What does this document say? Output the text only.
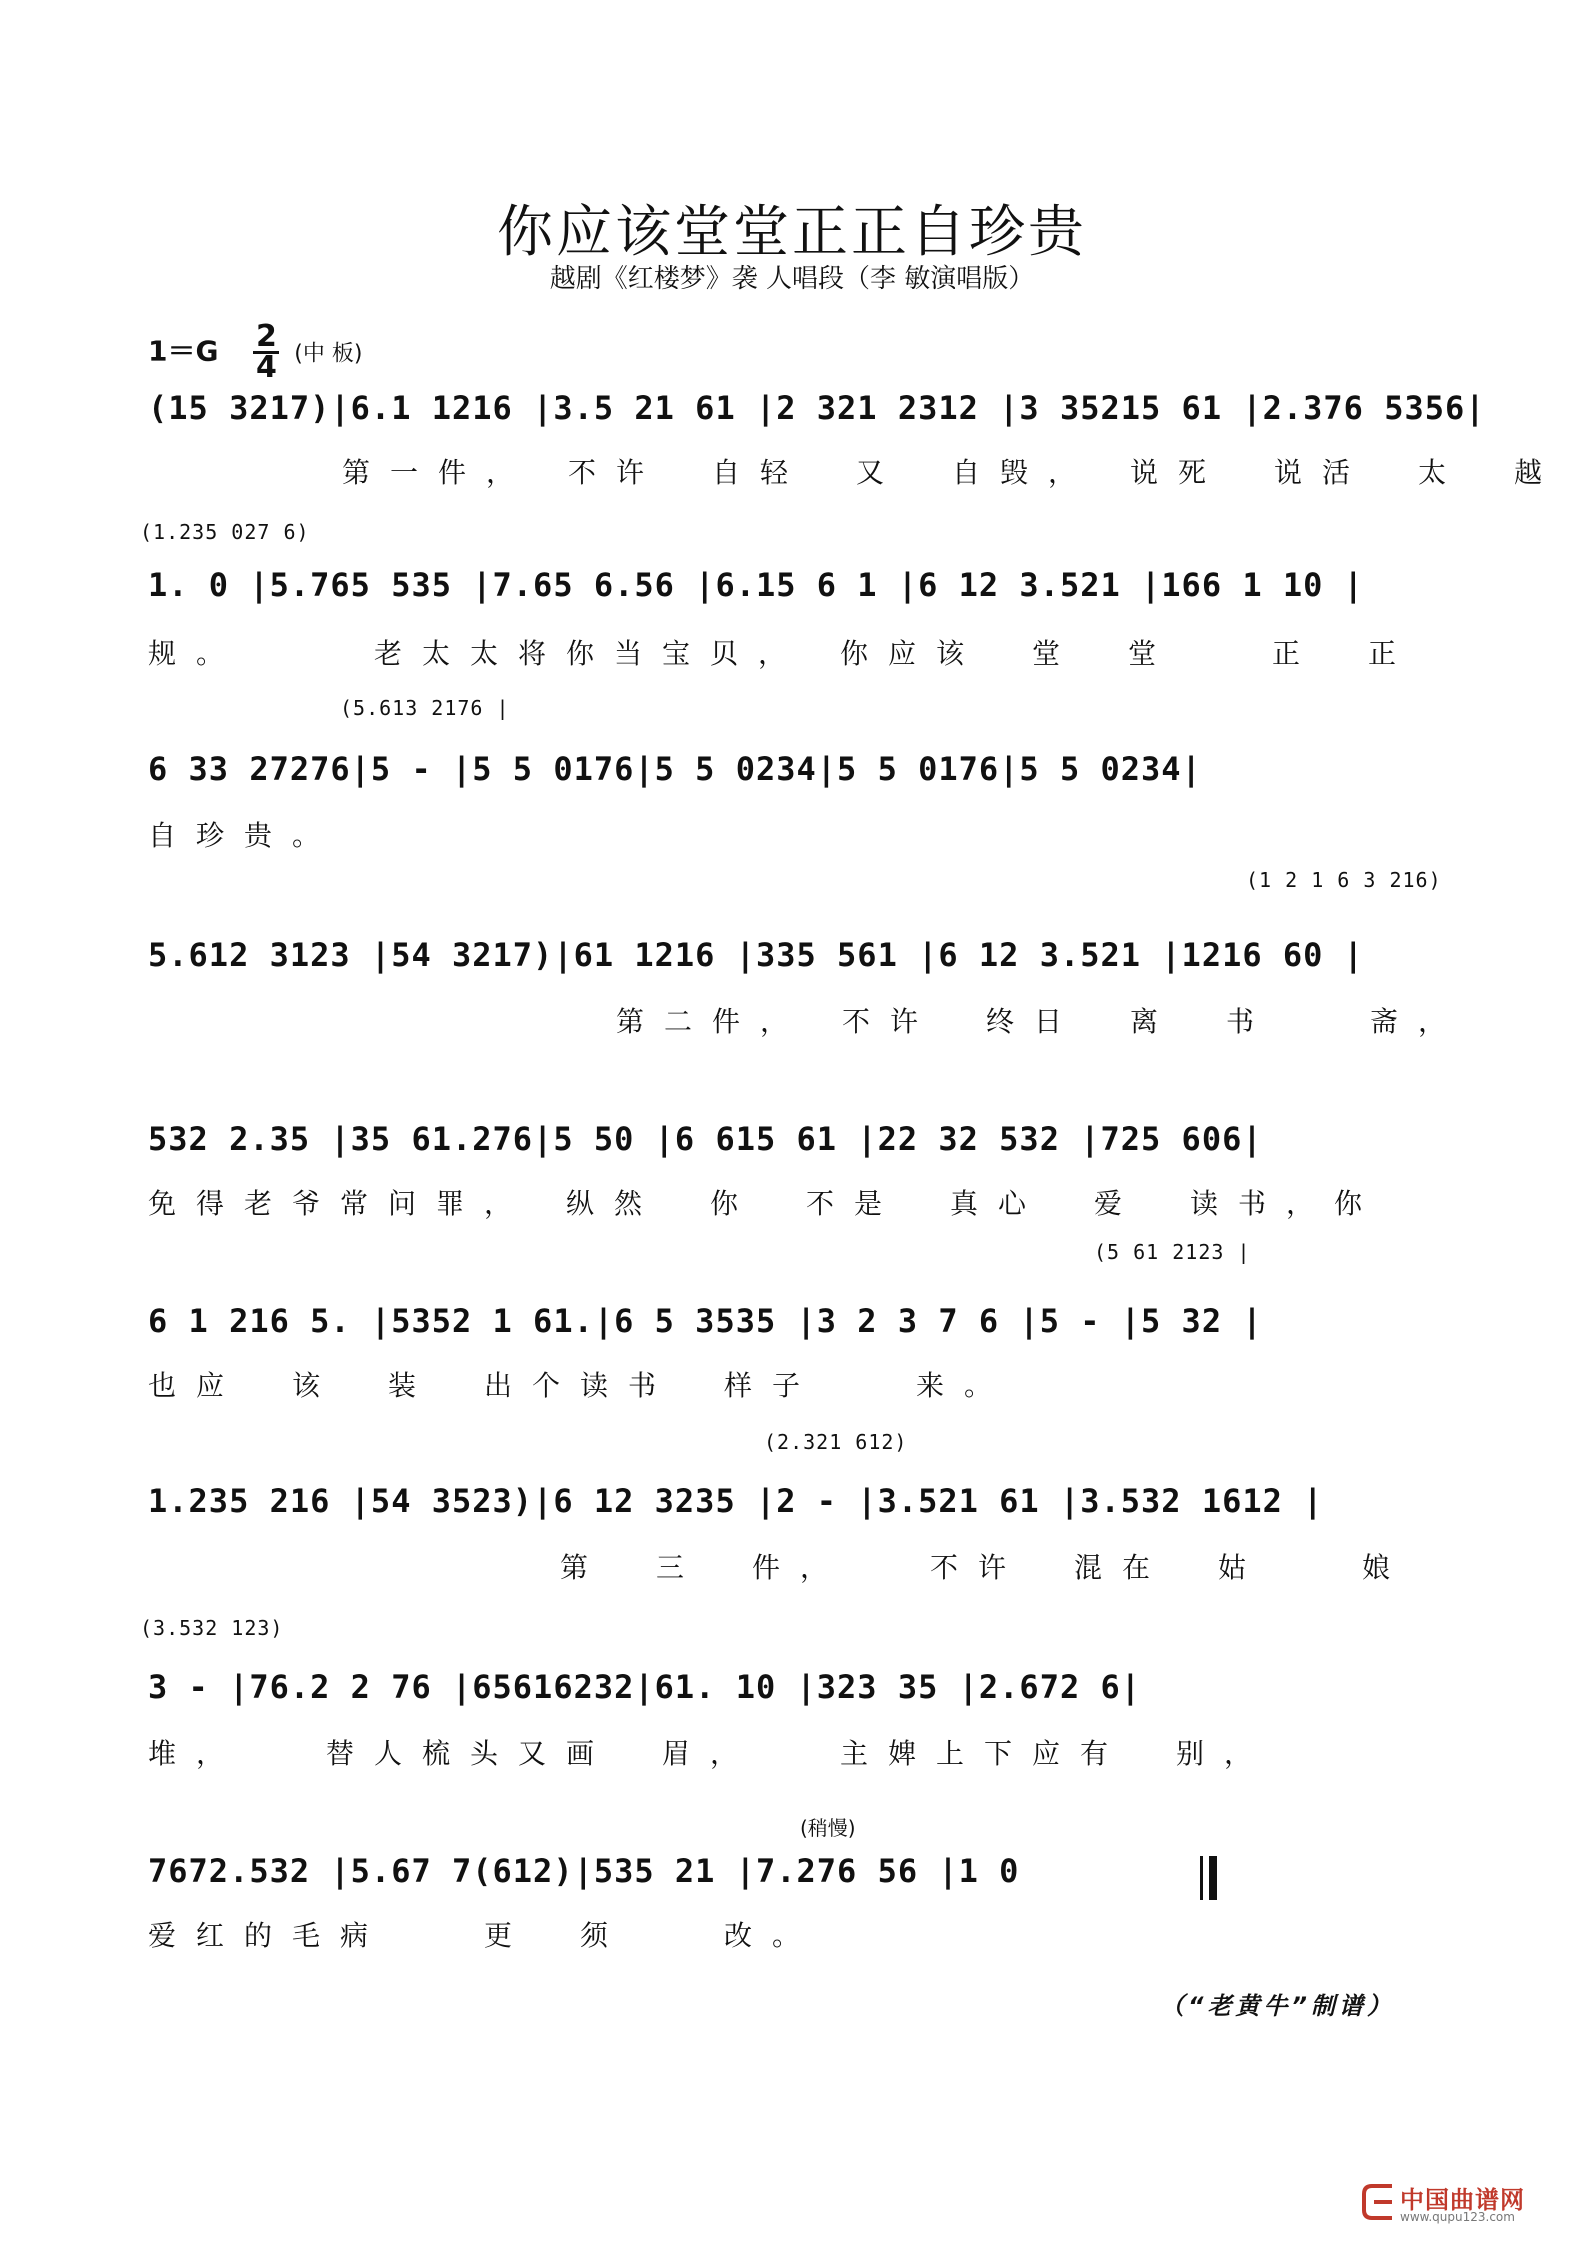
你应该堂堂正正自珍贵
越剧《红楼梦》袭 人唱段（李 敏演唱版）
$1=G \frac{2}{4}$ (中 板)
(15 3217)|6.1 1216 |3.5 21 61 |2 321 2312 |3 35215 61 |2.376 5356|
第一件，　不许　自轻　又　自毁，　说死　说活　太　越
(1.235 027 6)
1. 0 |5.765 535 |7.65 6.56 |6.15 6 1 |6 12 3.521 |166 1 10 |
规。　　　老太太将你当宝贝，　你应该　堂　堂　　正　正
(5.613 2176 |
6 33 27276|5 - |5 5 0176|5 5 0234|5 5 0176|5 5 0234|
自珍贵。
(1 2 1 6 3 216)
5.612 3123 |54 3217)|61 1216 |335 561 |6 12 3.521 |1216 60 |
第二件，　不许　终日　离　书　　斋，
532 2.35 |35 61.276|5 50 |6 615 61 |22 32 532 |725 606|
免得老爷常问罪，　纵然　你　不是　真心　爱　读书，你
(5 61 2123 |
6 1 216 5. |5352 1 61.|6 5 3535 |3 2 3 7 6 |5 - |5 32 |
也应　该　装　出个读书　样子　　来。
(2.321 612)
1.235 216 |54 3523)|6 12 3235 |2 - |3.521 61 |3.532 1612 |
第　三　件，　　不许　混在　姑　　娘
(3.532 123)
3 - |76.2 2 76 |65616232|61. 10 |323 35 |2.672 6|
堆，　　替人梳头又画　眉，　　主婢上下应有　别，
7672.532 |5.67 7(612)|535 21 |7.276 56 |1 0
爱红的毛病　　更　须　　改。
(稍慢)
（“老黄牛”制谱）
中国曲谱网
www.qupu123.com
